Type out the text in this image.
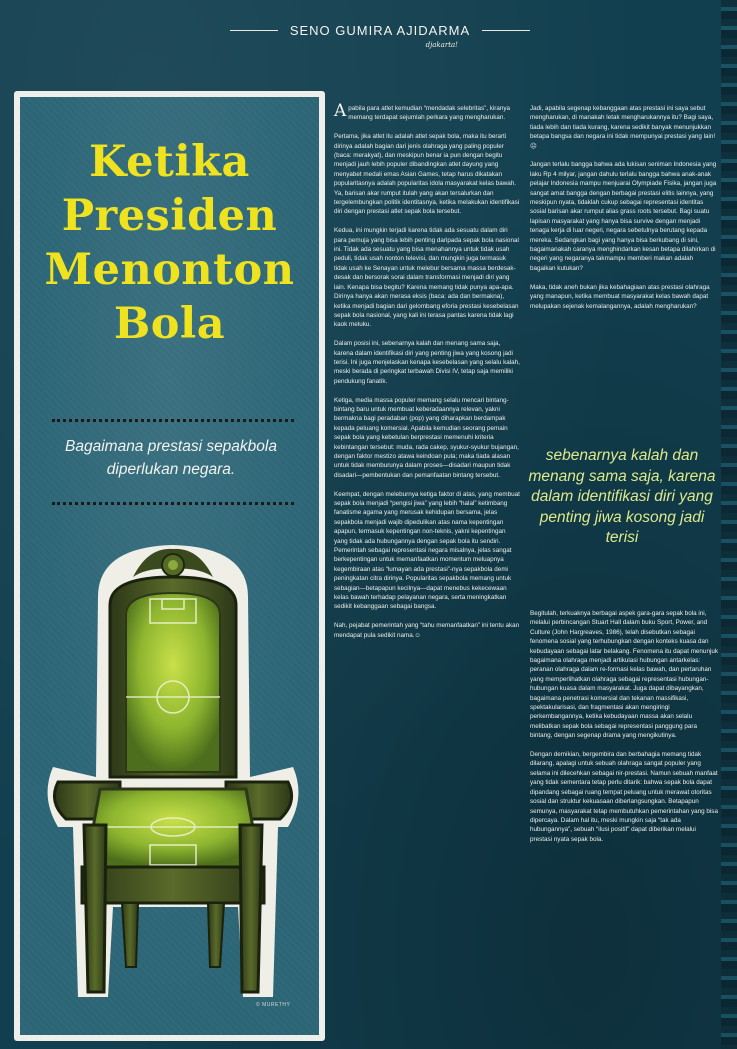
SENO GUMIRA AJIDARMA
djakarta!
Ketika
Presiden
Menonton
Bola
Bagaimana prestasi sepakbola diperlukan negara.
© MURETHY

Apabila para atlet kemudian “mendadak selebritas”, kiranya memang terdapat sejumlah perkara yang mengharukan.

Pertama, jika atlet itu adalah atlet sepak bola, maka itu berarti dirinya adalah bagian dari jenis olahraga yang paling populer (baca: merakyat), dan meskipun benar ia pun dengan begitu menjadi jauh lebih populer dibandingkan atlet dayung yang menyabet medali emas Asian Games, tetap harus dikatakan popularitasnya adalah popularitas idola masyarakat kelas bawah. Ya, barisan akar rumput itulah yang akan tersalurkan dan tergelembungkan politik identitasnya, ketika melakukan identifikasi diri dengan prestasi atlet sepak bola tersebut.

Kedua, ini mungkin terjadi karena tidak ada sesuatu dalam diri para pemuja yang bisa lebih penting daripada sepak bola nasional ini. Tidak ada sesuatu yang bisa menahannya untuk tidak usah peduli, tidak usah nonton televisi, dan mungkin juga termasuk tidak usah ke Senayan untuk melebur bersama massa berdesak-desak dan bersorak sorai dalam transformasi menjadi diri yang lain. Kenapa bisa begitu? Karena memang tidak punya apa-apa. Dirinya hanya akan merasa eksis (baca: ada dan bermakna), ketika menjadi bagian dari gelombang eforia prestasi kesebelasan sepak bola nasional, yang kali ini terasa pantas karena tidak lagi kaok meluku.

Dalam posisi ini, sebenarnya kalah dan menang sama saja, karena dalam identifikasi diri yang penting jiwa yang kosong jadi terisi. Ini juga menjelaskan kenapa kesebelasan yang selalu kalah, meski berada di peringkat terbawah Divisi IV, tetap saja memiliki pendukung fanatik.

Ketiga, media massa populer memang selalu mencari bintang-bintang baru untuk membuat keberadaannya relevan, yakni bermakna bagi peradaban (pop) yang diharapkan berdampak kepada peluang komersial. Apabila kemudian seorang pemain sepak bola yang kebetulan berprestasi memenuhi kriteria kebintangan tersebut: muda, rada cakep, syukur-syukur bujangan, dengan faktor mestizo atawa keindoan pula; maka tiada alasan untuk tidak memburunya dalam proses—disadari maupun tidak disadari—pembentukan dan pemanfaatan bintang tersebut.

Keempat, dengan meleburnya ketiga faktor di atas, yang membuat sepak bola menjadi “pengisi jiwa” yang lebih “halal” ketimbang fanatisme agama yang merusak kehidupan bersama, jelas sepakbola menjadi wajib dipedulikan atas nama kepentingan apapun, termasuk kepentingan non-teknis, yakni kepentingan yang tidak ada hubungannya dengan sepak bola itu sendiri. Pemerintah sebagai representasi negara misalnya, jelas sangat berkepentingan untuk memanfaatkan momentum meluapnya kegembiraan atas “lumayan ada prestasi”-nya sepakbola demi peningkatan citra dirinya. Popularitas sepakbola memang untuk sebagian—betapapun kecilnya—dapat menebus kekecewaan kelas bawah terhadap pelayanan negara, serta meningkatkan sedikit kebanggaan sebagai bangsa.

Nah, pejabat pemerintah yang “tahu memanfaatkan” ini tentu akan mendapat pula sedikit nama.☺

Jadi, apabila segenap kebanggaan atas prestasi ini saya sebut mengharukan, di manakah letak mengharukannya itu? Bagi saya, tiada lebih dan tiada kurang, karena sedikit banyak menunjukkan betapa bangsa dan negara ini tidak mempunyai prestasi yang lain! ☹

Jangan terlalu bangga bahwa ada lukisan seniman Indonesia yang laku Rp 4 milyar, jangan dahulu terlalu bangga bahwa anak-anak pelajar Indonesia mampu menjuarai Olympiade Fisika, jangan juga sangat amat bangga dengan berbagai prestasi elitis lainnya, yang meskipun nyata, tidaklah cukup sebagai representasi identitas sosial barisan akar rumput alias grass roots tersebut. Bagi suatu lapisan masyarakat yang hanya bisa survive dengan menjadi tenaga kerja di luar negeri, negara sebetulnya berutang kepada mereka. Sedangkan bagi yang hanya bisa berkubang di sini, bagaimanakah caranya menghindarkan kesan betapa dilahirkan di negeri yang negaranya takmampu memberi makan adalah bagaikan kutukan?

Maka, tidak aneh bukan jika kebahagiaan atas prestasi olahraga yang manapun, ketika membuat masyarakat kelas bawah dapat melupakan sejenak kemalangannya, adalah mengharukan?

sebenarnya kalah dan menang sama saja, karena dalam identifikasi diri yang penting jiwa kosong jadi terisi

Begitulah, terkuaknya berbagai aspek gara-gara sepak bola ini, melalui perbincangan Stuart Hall dalam buku Sport, Power, and Culture (John Hargreaves, 1986), telah disebutkan sebagai fenomena sosial yang terhubungkan dengan konteks kuasa dan kebudayaan sebagai latar belakang. Fenomena itu dapat menunjuk bagaimana olahraga menjadi artikulasi hubungan antarkelas: peranan olahraga dalam re-formasi kelas bawah, dan pertaruhan yang memperlihatkan olahraga sebagai representasi hubungan-hubungan kuasa dalam masyarakat. Juga dapat dibayangkan, bagaimana penetrasi komersial dan tekanan massifikasi, spektakularisasi, dan fragmentasi akan mengiringi perkembangannya, ketika kebudayaan massa akan selalu melibatkan sepak bola sebagai representasi panggung para bintang, dengan segenap drama yang mengikutinya.

Dengan demikian, bergembira dan berbahagia memang tidak dilarang, apalagi untuk sebuah olahraga sangat populer yang selama ini dilecehkan sebagai nir-prestasi. Namun sebuah manfaat yang tidak sementara tetap perlu ditarik: bahwa sepak bola dapat dipandang sebagai ruang tempat peluang untuk merawat otoritas sosial dan struktur kekuasaan diberlangsungkan. Betapapun semunya, masyarakat tetap membutuhkan pemerintahan yang bisa dipercaya. Dalam hal itu, meski mungkin saja “tak ada hubungannya”, sebuah “ilusi positif” dapat diberikan melalui prestasi nyata sepak bola.
